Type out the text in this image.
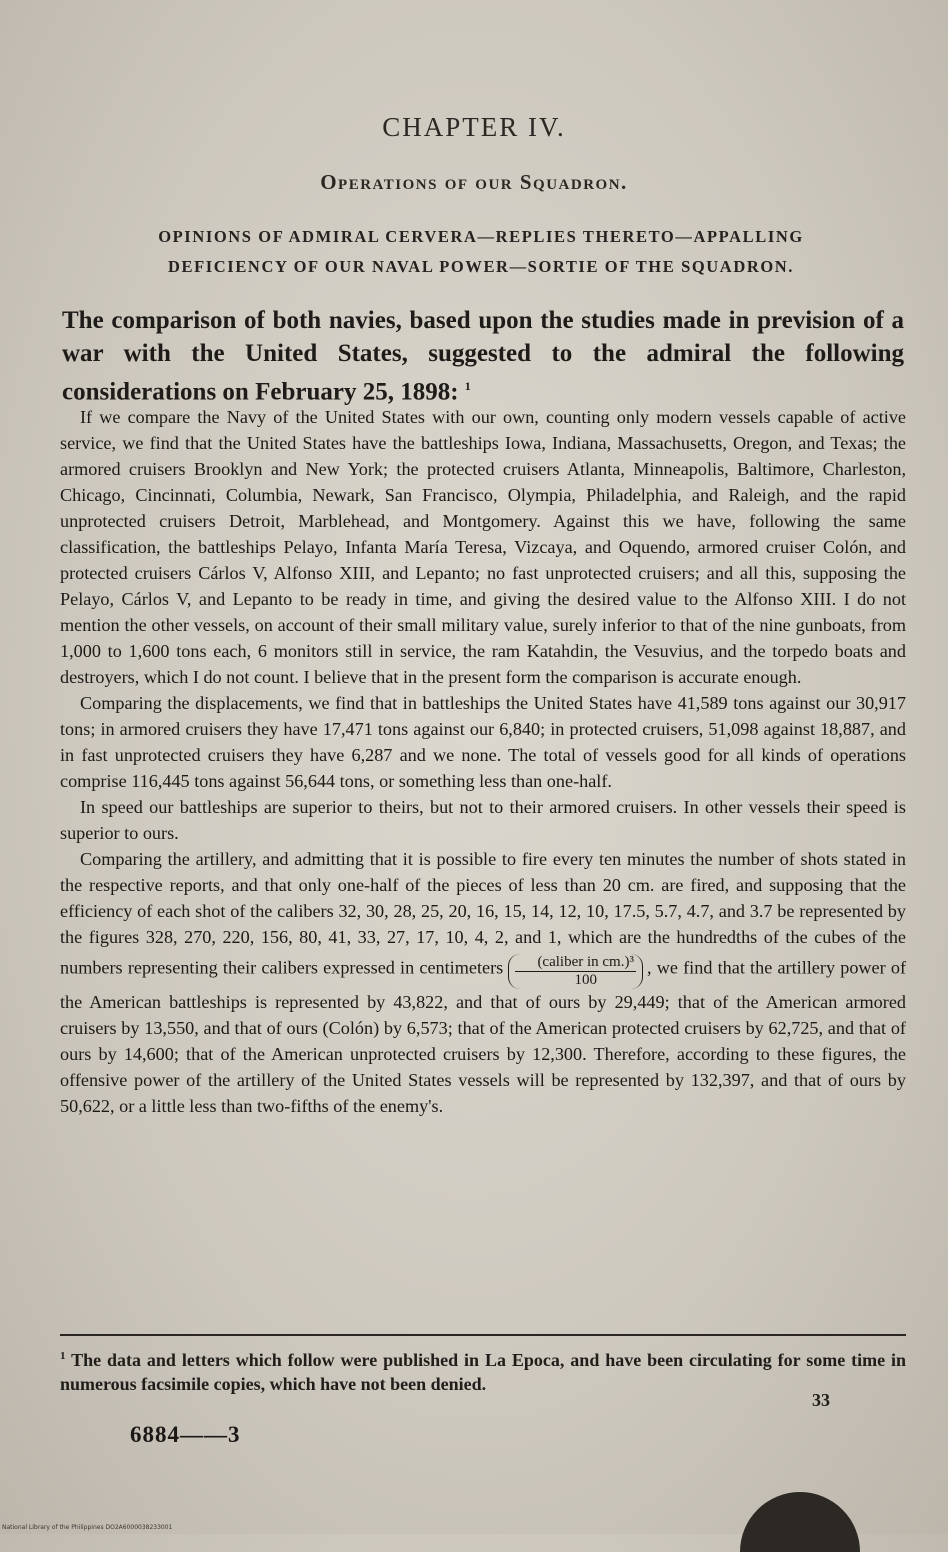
CHAPTER IV.
Operations of our Squadron.
OPINIONS OF ADMIRAL CERVERA—REPLIES THERETO—APPALLING
DEFICIENCY OF OUR NAVAL POWER—SORTIE OF THE SQUADRON.
The comparison of both navies, based upon the studies made in prevision of a war with the United States, suggested to the admiral the following considerations on February 25, 1898: $^1$

If we compare the Navy of the United States with our own, counting only modern vessels capable of active service, we find that the United States have the battleships Iowa, Indiana, Massachusetts, Oregon, and Texas; the armored cruisers Brooklyn and New York; the protected cruisers Atlanta, Minneapolis, Baltimore, Charleston, Chicago, Cincinnati, Columbia, Newark, San Francisco, Olympia, Philadelphia, and Raleigh, and the rapid unprotected cruisers Detroit, Marblehead, and Montgomery. Against this we have, following the same classification, the battleships Pelayo, Infanta María Teresa, Vizcaya, and Oquendo, armored cruiser Colón, and protected cruisers Cárlos V, Alfonso XIII, and Lepanto; no fast unprotected cruisers; and all this, supposing the Pelayo, Cárlos V, and Lepanto to be ready in time, and giving the desired value to the Alfonso XIII. I do not mention the other vessels, on account of their small military value, surely inferior to that of the nine gunboats, from 1,000 to 1,600 tons each, 6 monitors still in service, the ram Katahdin, the Vesuvius, and the torpedo boats and destroyers, which I do not count. I believe that in the present form the comparison is accurate enough.

Comparing the displacements, we find that in battleships the United States have 41,589 tons against our 30,917 tons; in armored cruisers they have 17,471 tons against our 6,840; in protected cruisers, 51,098 against 18,887, and in fast unprotected cruisers they have 6,287 and we none. The total of vessels good for all kinds of operations comprise 116,445 tons against 56,644 tons, or something less than one-half.

In speed our battleships are superior to theirs, but not to their armored cruisers. In other vessels their speed is superior to ours.

Comparing the artillery, and admitting that it is possible to fire every ten minutes the number of shots stated in the respective reports, and that only one-half of the pieces of less than 20 cm. are fired, and supposing that the efficiency of each shot of the calibers 32, 30, 28, 25, 20, 16, 15, 14, 12, 10, 17.5, 5.7, 4.7, and 3.7 be represented by the figures 328, 270, 220, 156, 80, 41, 33, 27, 17, 10, 4, 2, and 1, which are the hundredths of the cubes of the numbers representing their calibers expressed in centimeters $\frac{\text{(caliber in cm.)³}}{100}$ , we find that the artillery power of the American battleships is represented by 43,822, and that of ours by 29,449; that of the American armored cruisers by 13,550, and that of ours (Colón) by 6,573; that of the American protected cruisers by 62,725, and that of ours by 14,600; that of the American unprotected cruisers by 12,300. Therefore, according to these figures, the offensive power of the artillery of the United States vessels will be represented by 132,397, and that of ours by 50,622, or a little less than two-fifths of the enemy's.

$^1$ The data and letters which follow were published in La Epoca, and have been circulating for some time in numerous facsimile copies, which have not been denied.
33
6884——3
National Library of the Philippines DO2A6000038233001
